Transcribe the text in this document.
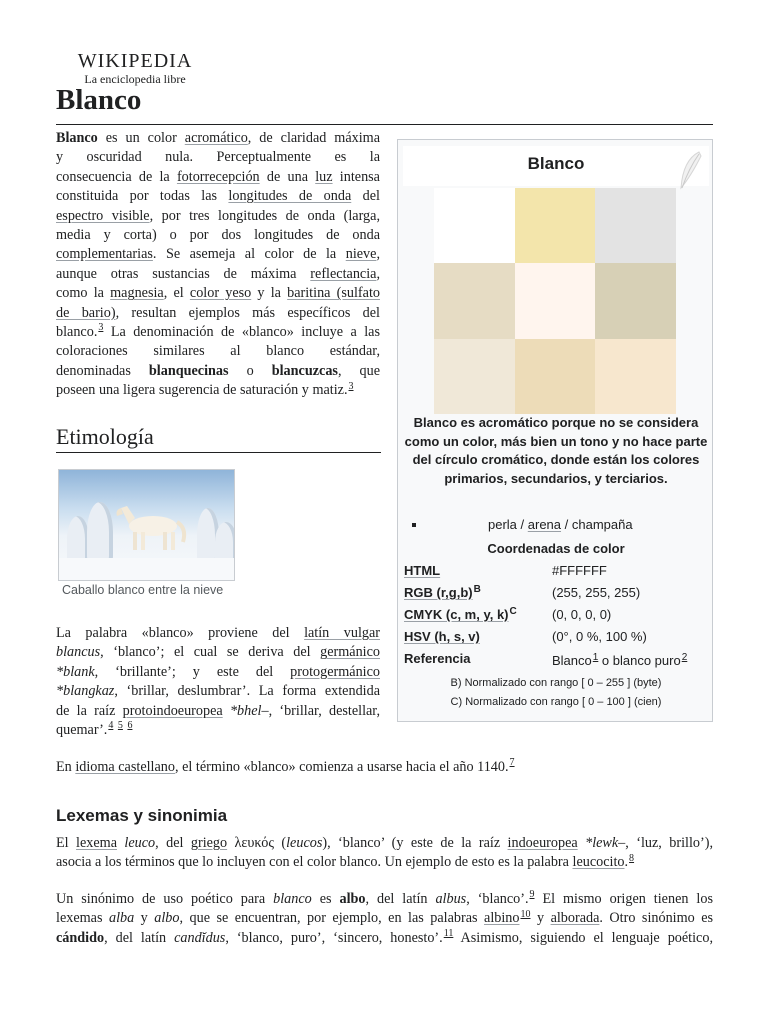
WIKIPEDIA
La enciclopedia libre
Blanco
Blanco es un color acromático, de claridad máxima
y oscuridad nula. Perceptualmente es la
consecuencia de la fotorrecepción de una luz intensa
constituida por todas las longitudes de onda del
espectro visible, por tres longitudes de onda (larga,
media y corta) o por dos longitudes de onda
complementarias. Se asemeja al color de la nieve,
aunque otras sustancias de máxima reflectancia,
como la magnesia, el color yeso y la baritina (sulfato
de bario), resultan ejemplos más específicos del
blanco.$^3$ La denominación de «blanco» incluye a las
coloraciones similares al blanco estándar,
denominadas blanquecinas o blancuzcas, que
poseen una ligera sugerencia de saturación y matiz.$^3$
Etimología
Caballo blanco entre la nieve
La palabra «blanco» proviene del latín vulgar
blancus, ‘blanco’; el cual se deriva del germánico
*blank, ‘brillante’; y este del protogermánico
*blangkaz, ‘brillar, deslumbrar’. La forma extendida
de la raíz protoindoeuropea *bhel–, ‘brillar, destellar,
quemar’.$^4$ $^5$ $^6$
En idioma castellano, el término «blanco» comienza a usarse hacia el año 1140.$^7$
Lexemas y sinonimia
El lexema leuco, del griego λευκός (leucos), ‘blanco’ (y este de la raíz indoeuropea *lewk–, ‘luz, brillo’),
asocia a los términos que lo incluyen con el color blanco. Un ejemplo de esto es la palabra leucocito.$^8$
Un sinónimo de uso poético para blanco es albo, del latín albus, ‘blanco’.$^9$ El mismo origen tienen los
lexemas alba y albo, que se encuentran, por ejemplo, en las palabras albino$^{10}$ y alborada. Otro sinónimo es
cándido, del latín candĭdus, ‘blanco, puro’, ‘sincero, honesto’.$^{11}$ Asimismo, siguiendo el lenguaje poético,
Blanco
Blanco es acromático porque no se considera como un color, más bien un tono y no hace parte del círculo cromático, donde están los colores primarios, secundarios, y terciarios.
perla / arena / champaña
Coordenadas de color
HTML	#FFFFFF
RGB $(r,g,b)^B$	(255, 255, 255)
CMYK (c, m, y, k)$^C$	(0, 0, 0, 0)
HSV (h, s, v)	(0°, 0 %, 100 %)
Referencia	Blanco$^1$ o blanco puro$^2$
B) Normalizado con rango [ 0 – 255 ] (byte)
C) Normalizado con rango [ 0 – 100 ] (cien)
